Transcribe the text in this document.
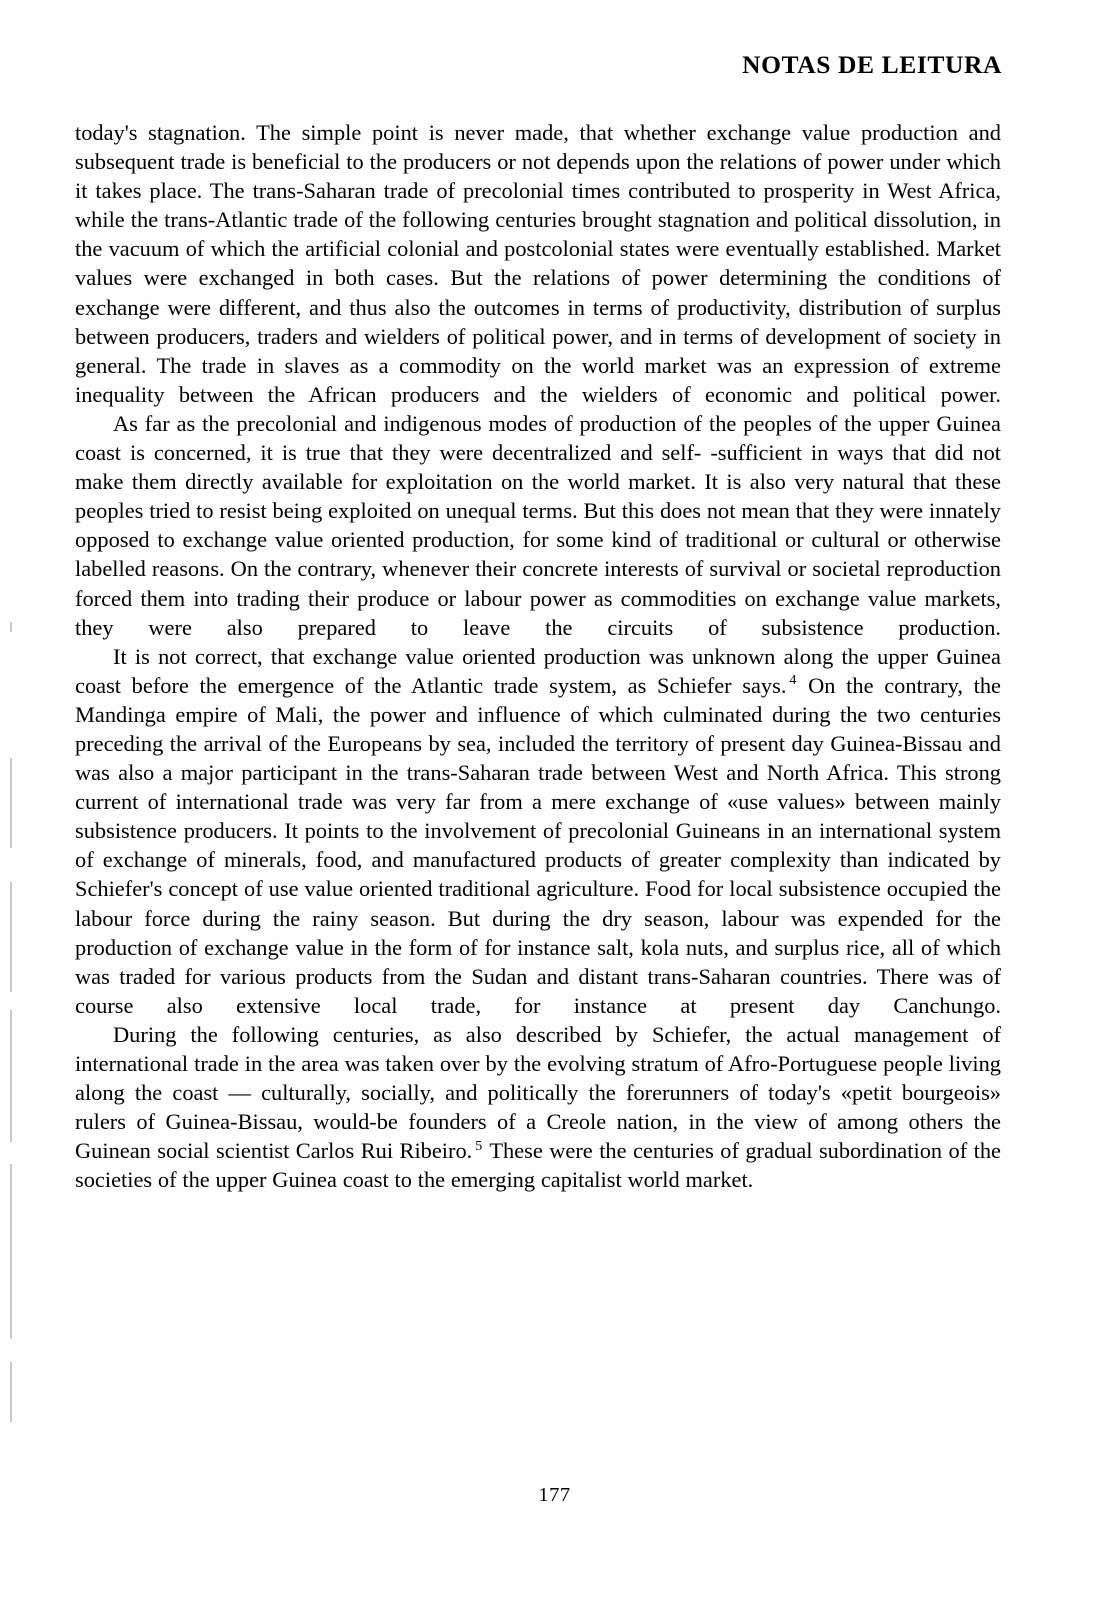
NOTAS DE LEITURA

today's stagnation. The simple point is never made, that whether exchange value production and subsequent trade is beneficial to the producers or not depends upon the relations of power under which it takes place. The trans-Saharan trade of precolonial times contributed to prosperity in West Africa, while the trans-Atlantic trade of the following centuries brought stagnation and political dissolution, in the vacuum of which the artificial colonial and postcolonial states were eventually established. Market values were exchanged in both cases. But the relations of power determining the conditions of exchange were different, and thus also the outcomes in terms of productivity, distribution of surplus between producers, traders and wielders of political power, and in terms of development of society in general. The trade in slaves as a commodity on the world market was an expression of extreme inequality between the African producers and the wielders of economic and political power.

As far as the precolonial and indigenous modes of production of the peoples of the upper Guinea coast is concerned, it is true that they were decentralized and self- -sufficient in ways that did not make them directly available for exploitation on the world market. It is also very natural that these peoples tried to resist being exploited on unequal terms. But this does not mean that they were innately opposed to exchange value oriented production, for some kind of traditional or cultural or otherwise labelled reasons. On the contrary, whenever their concrete interests of survival or societal reproduction forced them into trading their produce or labour power as commodities on exchange value markets, they were also prepared to leave the circuits of subsistence production.

It is not correct, that exchange value oriented production was unknown along the upper Guinea coast before the emergence of the Atlantic trade system, as Schiefer says. $^4$ On the contrary, the Mandinga empire of Mali, the power and influence of which culminated during the two centuries preceding the arrival of the Europeans by sea, included the territory of present day Guinea-Bissau and was also a major participant in the trans-Saharan trade between West and North Africa. This strong current of international trade was very far from a mere exchange of «use values» between mainly subsistence producers. It points to the involvement of precolonial Guineans in an international system of exchange of minerals, food, and manufactured products of greater complexity than indicated by Schiefer's concept of use value oriented traditional agriculture. Food for local subsistence occupied the labour force during the rainy season. But during the dry season, labour was expended for the production of exchange value in the form of for instance salt, kola nuts, and surplus rice, all of which was traded for various products from the Sudan and distant trans-Saharan countries. There was of course also extensive local trade, for instance at present day Canchungo.

During the following centuries, as also described by Schiefer, the actual management of international trade in the area was taken over by the evolving stratum of Afro-Portuguese people living along the coast — culturally, socially, and politically the forerunners of today's «petit bourgeois» rulers of Guinea-Bissau, would-be founders of a Creole nation, in the view of among others the Guinean social scientist Carlos Rui Ribeiro. $^5$ These were the centuries of gradual subordination of the societies of the upper Guinea coast to the emerging capitalist world market.

177
